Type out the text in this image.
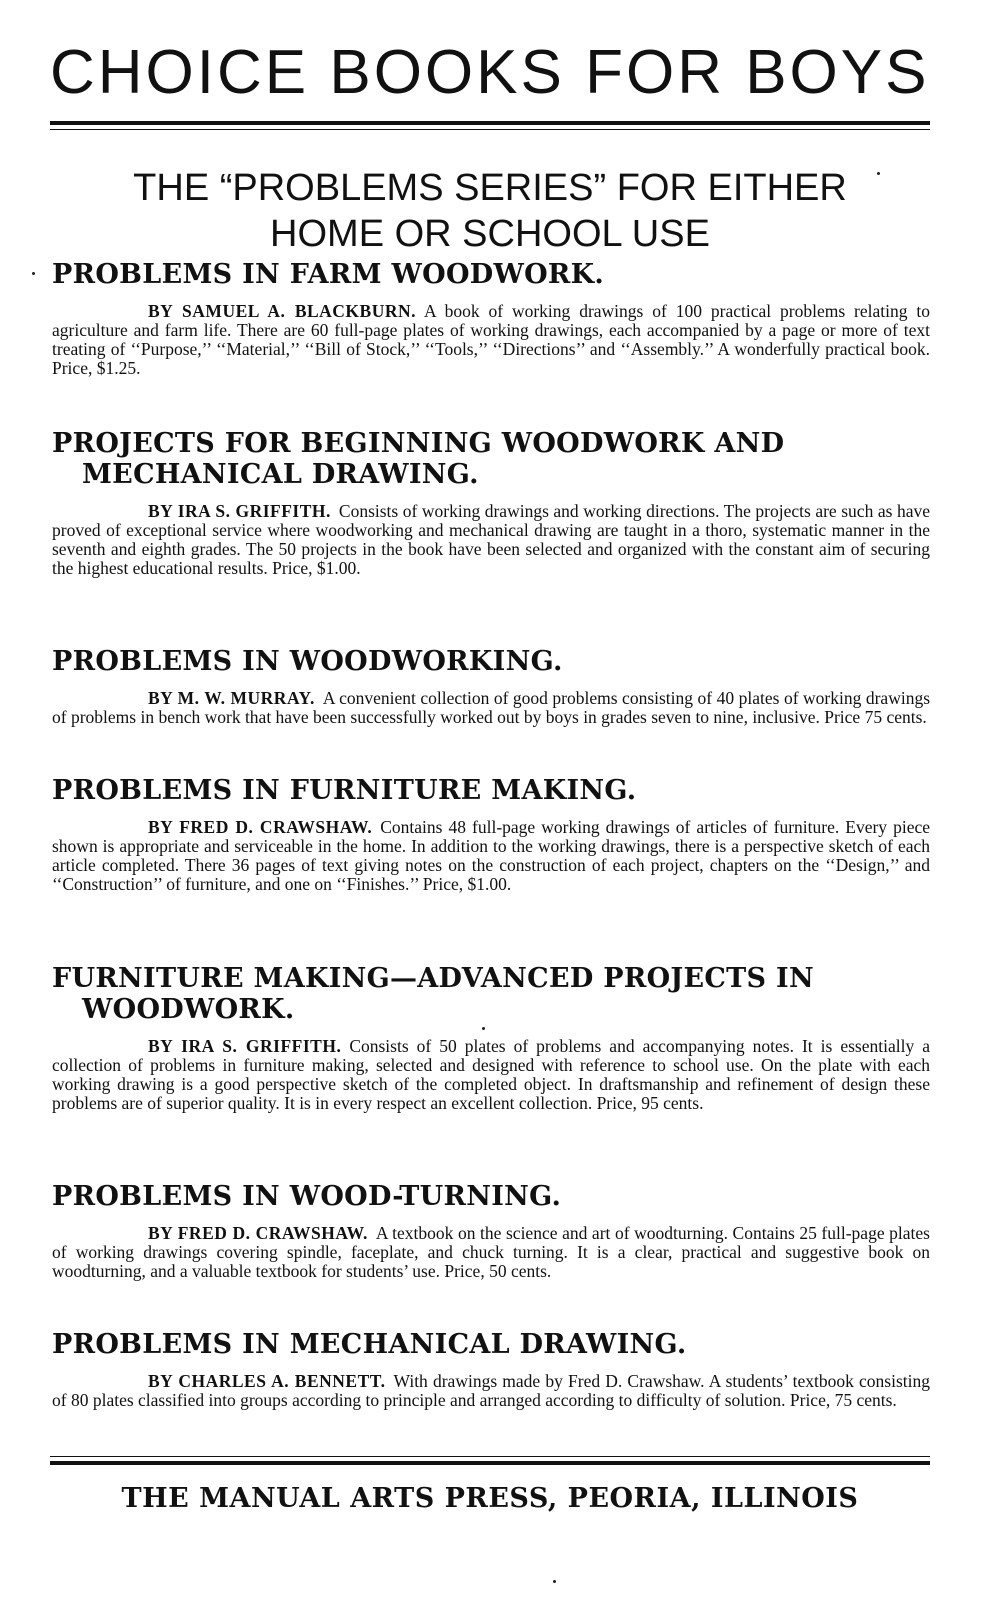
CHOICE BOOKS FOR BOYS
THE “PROBLEMS SERIES” FOR EITHER
HOME OR SCHOOL USE
PROBLEMS IN FARM WOODWORK.

BY SAMUEL A. BLACKBURN. A book of working drawings of 100 practical problems relating to agriculture and farm life. There are 60 full-page plates of working drawings, each accompanied by a page or more of text treating of ‘‘Purpose,’’ ‘‘Material,’’ ‘‘Bill of Stock,’’ ‘‘Tools,’’ ‘‘Directions’’ and ‘‘Assembly.’’ A wonderfully practical book. Price, $1.25.

PROJECTS FOR BEGINNING WOODWORK AND MECHANICAL DRAWING.

BY IRA S. GRIFFITH. Consists of working drawings and working directions. The projects are such as have proved of exceptional service where woodworking and mechanical drawing are taught in a thoro, systematic manner in the seventh and eighth grades. The 50 projects in the book have been selected and organized with the constant aim of securing the highest educational results. Price, $1.00.

PROBLEMS IN WOODWORKING.

BY M. W. MURRAY. A convenient collection of good problems consisting of 40 plates of working drawings of problems in bench work that have been successfully worked out by boys in grades seven to nine, inclusive. Price 75 cents.

PROBLEMS IN FURNITURE MAKING.

BY FRED D. CRAWSHAW. Contains 48 full-page working drawings of articles of furniture. Every piece shown is appropriate and serviceable in the home. In addition to the working drawings, there is a perspective sketch of each article completed. There 36 pages of text giving notes on the construction of each project, chapters on the ‘‘Design,’’ and ‘‘Construction’’ of furniture, and one on ‘‘Finishes.’’ Price, $1.00.

FURNITURE MAKING—ADVANCED PROJECTS IN WOODWORK.

BY IRA S. GRIFFITH. Consists of 50 plates of problems and accompanying notes. It is essentially a collection of problems in furniture making, selected and designed with reference to school use. On the plate with each working drawing is a good perspective sketch of the completed object. In draftsmanship and refinement of design these problems are of superior quality. It is in every respect an excellent collection. Price, 95 cents.

PROBLEMS IN WOOD-TURNING.

BY FRED D. CRAWSHAW. A textbook on the science and art of woodturning. Contains 25 full-page plates of working drawings covering spindle, faceplate, and chuck turning. It is a clear, practical and suggestive book on woodturning, and a valuable textbook for students’ use. Price, 50 cents.

PROBLEMS IN MECHANICAL DRAWING.

BY CHARLES A. BENNETT. With drawings made by Fred D. Crawshaw. A students’ textbook consisting of 80 plates classified into groups according to principle and arranged according to difficulty of solution. Price, 75 cents.

THE MANUAL ARTS PRESS, PEORIA, ILLINOIS
